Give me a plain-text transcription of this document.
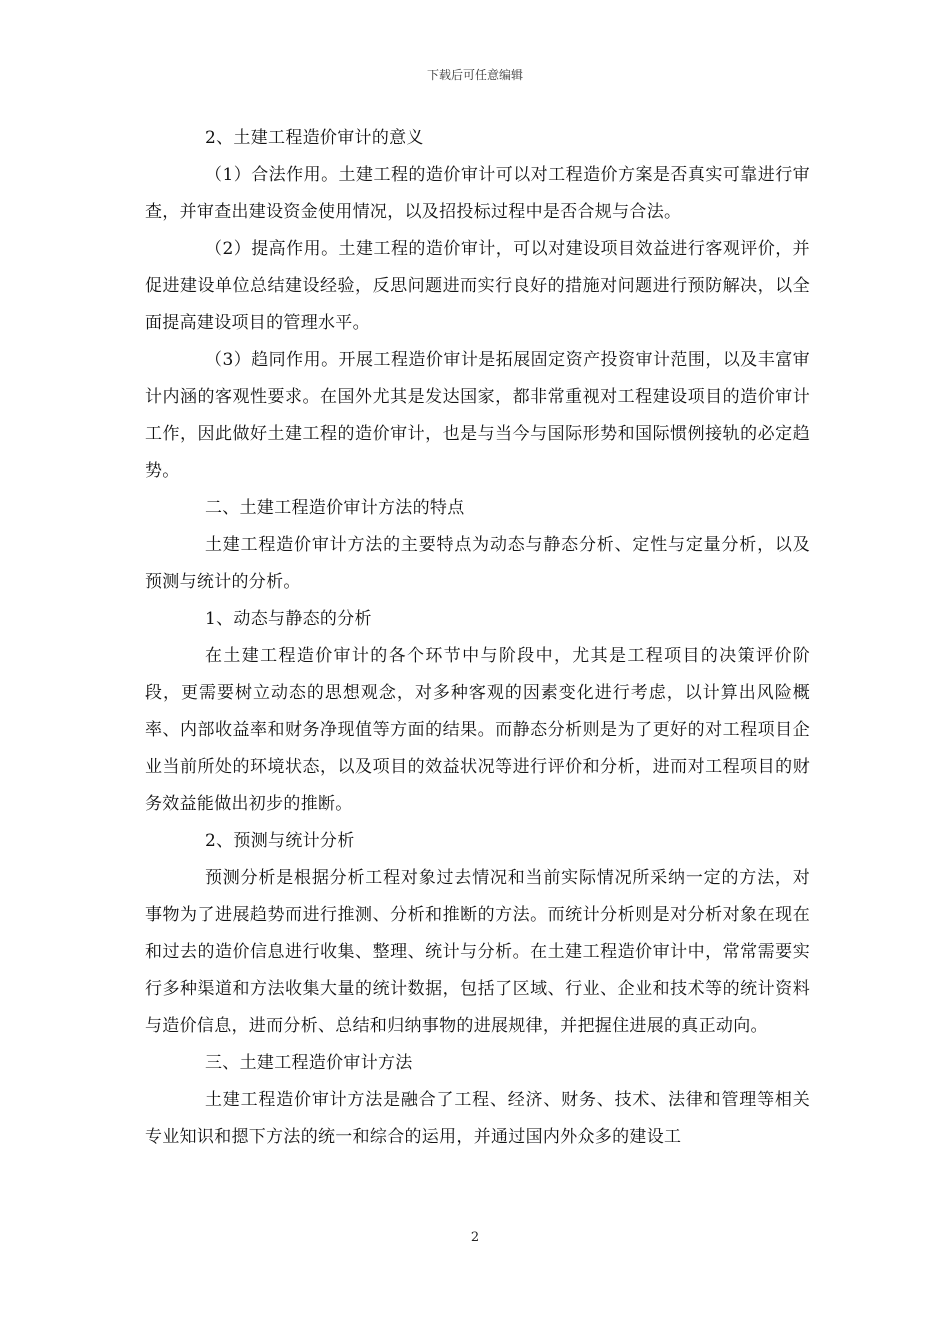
下载后可任意编辑

2、土建工程造价审计的意义

（1）合法作用。土建工程的造价审计可以对工程造价方案是否真实可靠进行审查，并审查出建设资金使用情况，以及招投标过程中是否合规与合法。

（2）提高作用。土建工程的造价审计，可以对建设项目效益进行客观评价，并促进建设单位总结建设经验，反思问题进而实行良好的措施对问题进行预防解决，以全面提高建设项目的管理水平。

（3）趋同作用。开展工程造价审计是拓展固定资产投资审计范围，以及丰富审计内涵的客观性要求。在国外尤其是发达国家，都非常重视对工程建设项目的造价审计工作，因此做好土建工程的造价审计，也是与当今与国际形势和国际惯例接轨的必定趋势。

二、土建工程造价审计方法的特点

土建工程造价审计方法的主要特点为动态与静态分析、定性与定量分析，以及预测与统计的分析。

1、动态与静态的分析

在土建工程造价审计的各个环节中与阶段中，尤其是工程项目的决策评价阶段，更需要树立动态的思想观念，对多种客观的因素变化进行考虑，以计算出风险概率、内部收益率和财务净现值等方面的结果。而静态分析则是为了更好的对工程项目企业当前所处的环境状态，以及项目的效益状况等进行评价和分析，进而对工程项目的财务效益能做出初步的推断。

2、预测与统计分析

预测分析是根据分析工程对象过去情况和当前实际情况所采纳一定的方法，对事物为了进展趋势而进行推测、分析和推断的方法。而统计分析则是对分析对象在现在和过去的造价信息进行收集、整理、统计与分析。在土建工程造价审计中，常常需要实行多种渠道和方法收集大量的统计数据，包括了区域、行业、企业和技术等的统计资料与造价信息，进而分析、总结和归纳事物的进展规律，并把握住进展的真正动向。

三、土建工程造价审计方法

土建工程造价审计方法是融合了工程、经济、财务、技术、法律和管理等相关专业知识和摁下方法的统一和综合的运用，并通过国内外众多的建设工

2
